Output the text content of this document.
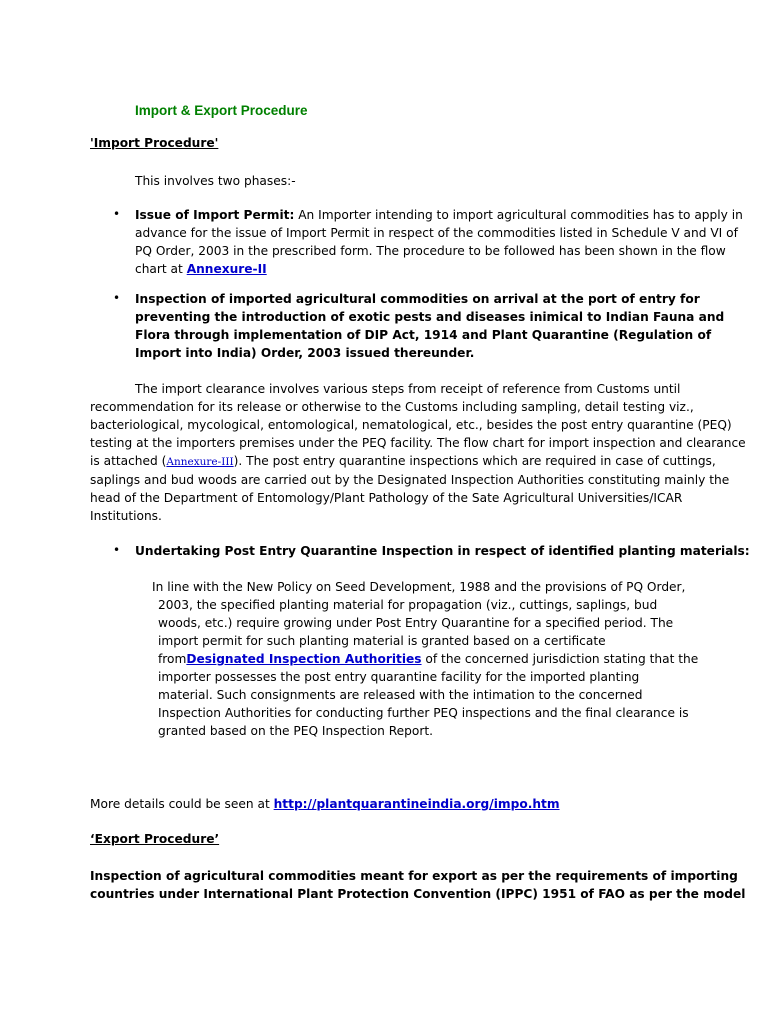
Import & Export Procedure
'Import Procedure'
This involves two phases:-
• Issue of Import Permit: An Importer intending to import agricultural commodities has to apply in
advance for the issue of Import Permit in respect of the commodities listed in Schedule V and VI of
PQ Order, 2003 in the prescribed form. The procedure to be followed has been shown in the flow
chart at Annexure-II
• Inspection of imported agricultural commodities on arrival at the port of entry for
preventing the introduction of exotic pests and diseases inimical to Indian Fauna and
Flora through implementation of DIP Act, 1914 and Plant Quarantine (Regulation of
Import into India) Order, 2003 issued thereunder.
The import clearance involves various steps from receipt of reference from Customs until
recommendation for its release or otherwise to the Customs including sampling, detail testing viz.,
bacteriological, mycological, entomological, nematological, etc., besides the post entry quarantine (PEQ)
testing at the importers premises under the PEQ facility. The flow chart for import inspection and clearance
is attached (Annexure-III). The post entry quarantine inspections which are required in case of cuttings,
saplings and bud woods are carried out by the Designated Inspection Authorities constituting mainly the
head of the Department of Entomology/Plant Pathology of the Sate Agricultural Universities/ICAR
Institutions.
• Undertaking Post Entry Quarantine Inspection in respect of identified planting materials:
In line with the New Policy on Seed Development, 1988 and the provisions of PQ Order,
2003, the specified planting material for propagation (viz., cuttings, saplings, bud
woods, etc.) require growing under Post Entry Quarantine for a specified period. The
import permit for such planting material is granted based on a certificate
fromDesignated Inspection Authorities of the concerned jurisdiction stating that the
importer possesses the post entry quarantine facility for the imported planting
material. Such consignments are released with the intimation to the concerned
Inspection Authorities for conducting further PEQ inspections and the final clearance is
granted based on the PEQ Inspection Report.
More details could be seen at http://plantquarantineindia.org/impo.htm
‘Export Procedure’
Inspection of agricultural commodities meant for export as per the requirements of importing
countries under International Plant Protection Convention (IPPC) 1951 of FAO as per the model
